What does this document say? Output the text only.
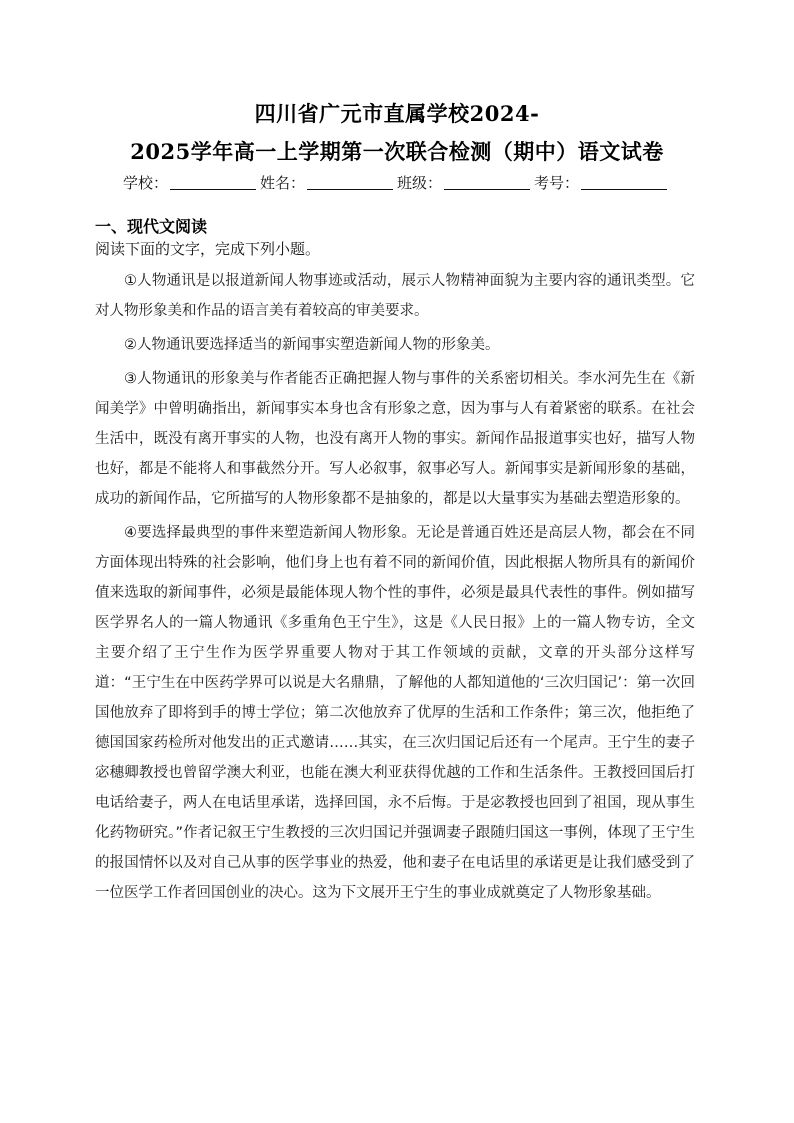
四川省广元市直属学校2024-
2025学年高一上学期第一次联合检测（期中）语文试卷
学校：	姓名：	班级：	考号：
一、现代文阅读
阅读下面的文字，完成下列小题。

①人物通讯是以报道新闻人物事迹或活动，展示人物精神面貌为主要内容的通讯类型。它对人物形象美和作品的语言美有着较高的审美要求。

②人物通讯要选择适当的新闻事实塑造新闻人物的形象美。

③人物通讯的形象美与作者能否正确把握人物与事件的关系密切相关。李水河先生在《新闻美学》中曾明确指出，新闻事实本身也含有形象之意，因为事与人有着紧密的联系。在社会生活中，既没有离开事实的人物，也没有离开人物的事实。新闻作品报道事实也好，描写人物也好，都是不能将人和事截然分开。写人必叙事，叙事必写人。新闻事实是新闻形象的基础，成功的新闻作品，它所描写的人物形象都不是抽象的，都是以大量事实为基础去塑造形象的。

④要选择最典型的事件来塑造新闻人物形象。无论是普通百姓还是高层人物，都会在不同方面体现出特殊的社会影响，他们身上也有着不同的新闻价值，因此根据人物所具有的新闻价值来选取的新闻事件，必须是最能体现人物个性的事件，必须是最具代表性的事件。例如描写医学界名人的一篇人物通讯《多重角色王宁生》，这是《人民日报》上的一篇人物专访，全文主要介绍了王宁生作为医学界重要人物对于其工作领域的贡献，文章的开头部分这样写道：“王宁生在中医药学界可以说是大名鼎鼎，了解他的人都知道他的‘三次归国记’：第一次回国他放弃了即将到手的博士学位；第二次他放弃了优厚的生活和工作条件；第三次，他拒绝了德国国家药检所对他发出的正式邀请……其实，在三次归国记后还有一个尾声。王宁生的妻子宓穗卿教授也曾留学澳大利亚，也能在澳大利亚获得优越的工作和生活条件。王教授回国后打电话给妻子，两人在电话里承诺，选择回国，永不后悔。于是宓教授也回到了祖国，现从事生化药物研究。”作者记叙王宁生教授的三次归国记并强调妻子跟随归国这一事例，体现了王宁生的报国情怀以及对自己从事的医学事业的热爱，他和妻子在电话里的承诺更是让我们感受到了一位医学工作者回国创业的决心。这为下文展开王宁生的事业成就奠定了人物形象基础。
